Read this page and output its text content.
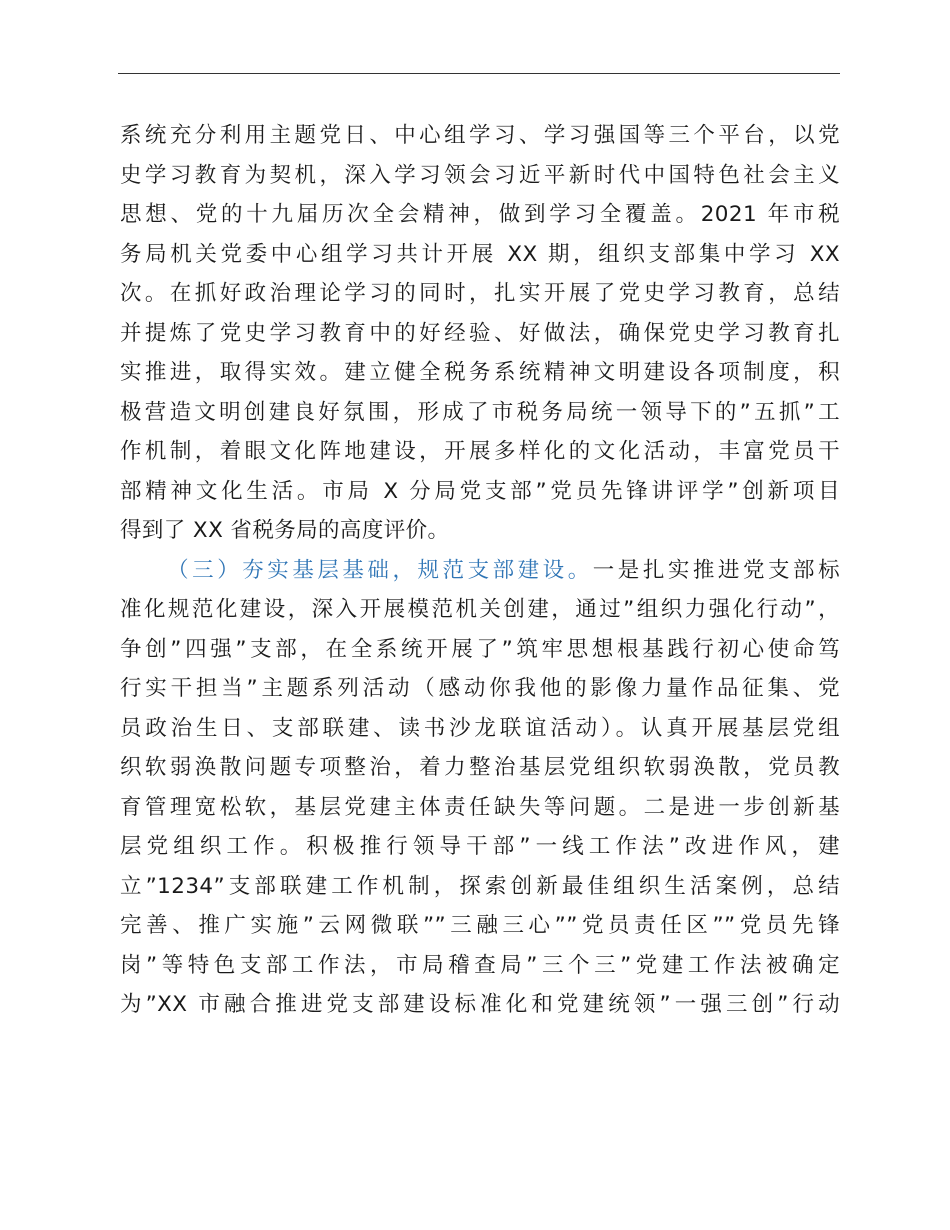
系统充分利用主题党日、中心组学习、学习强国等三个平台，以党
史学习教育为契机，深入学习领会习近平新时代中国特色社会主义
思想、党的十九届历次全会精神，做到学习全覆盖。2021 年市税
务局机关党委中心组学习共计开展 XX 期，组织支部集中学习 XX
次。在抓好政治理论学习的同时，扎实开展了党史学习教育，总结
并提炼了党史学习教育中的好经验、好做法，确保党史学习教育扎
实推进，取得实效。建立健全税务系统精神文明建设各项制度，积
极营造文明创建良好氛围，形成了市税务局统一领导下的”五抓”工
作机制，着眼文化阵地建设，开展多样化的文化活动，丰富党员干
部精神文化生活。市局 X 分局党支部”党员先锋讲评学”创新项目
得到了 XX 省税务局的高度评价。
（三）夯实基层基础，规范支部建设。一是扎实推进党支部标
准化规范化建设，深入开展模范机关创建，通过”组织力强化行动”，
争创”四强”支部，在全系统开展了”筑牢思想根基践行初心使命笃
行实干担当”主题系列活动（感动你我他的影像力量作品征集、党
员政治生日、支部联建、读书沙龙联谊活动）。认真开展基层党组
织软弱涣散问题专项整治，着力整治基层党组织软弱涣散，党员教
育管理宽松软，基层党建主体责任缺失等问题。二是进一步创新基
层党组织工作。积极推行领导干部”一线工作法”改进作风，建
立”1234”支部联建工作机制，探索创新最佳组织生活案例，总结
完善、推广实施”云网微联””三融三心””党员责任区””党员先锋
岗”等特色支部工作法，市局稽查局”三个三”党建工作法被确定
为”XX 市融合推进党支部建设标准化和党建统领”一强三创”行动
